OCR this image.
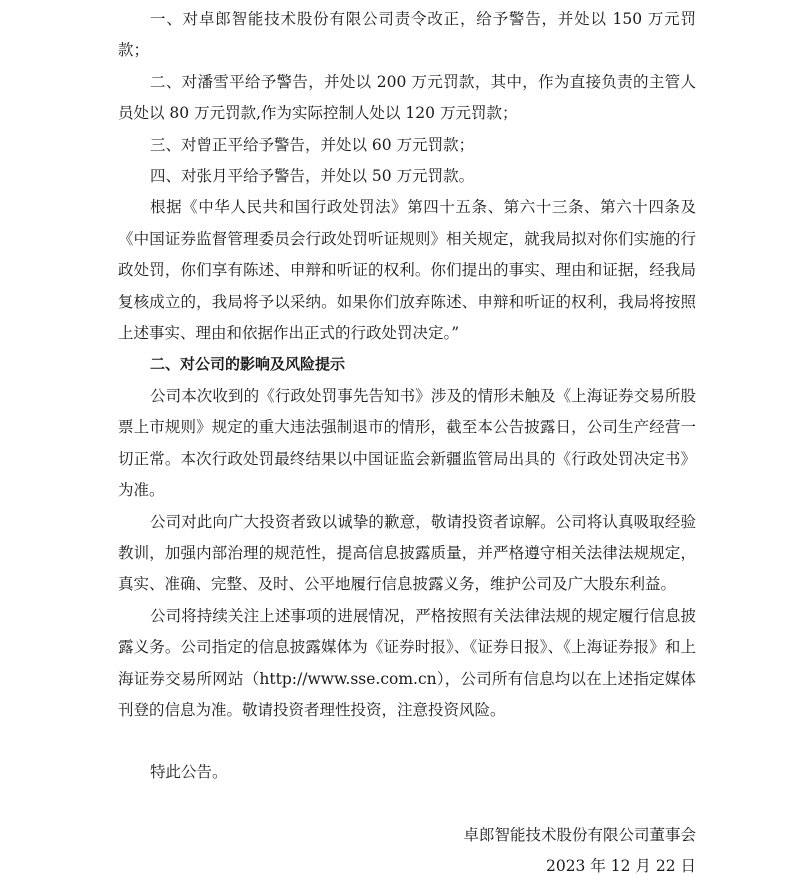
一、对卓郎智能技术股份有限公司责令改正，给予警告，并处以 150 万元罚款；

二、对潘雪平给予警告，并处以 200 万元罚款，其中，作为直接负责的主管人员处以 80 万元罚款,作为实际控制人处以 120 万元罚款；

三、对曾正平给予警告，并处以 60 万元罚款；

四、对张月平给予警告，并处以 50 万元罚款。

根据《中华人民共和国行政处罚法》第四十五条、第六十三条、第六十四条及《中国证券监督管理委员会行政处罚听证规则》相关规定，就我局拟对你们实施的行政处罚，你们享有陈述、申辩和听证的权利。你们提出的事实、理由和证据，经我局复核成立的，我局将予以采纳。如果你们放弃陈述、申辩和听证的权利，我局将按照上述事实、理由和依据作出正式的行政处罚决定。”

二、对公司的影响及风险提示

公司本次收到的《行政处罚事先告知书》涉及的情形未触及《上海证券交易所股票上市规则》规定的重大违法强制退市的情形，截至本公告披露日，公司生产经营一切正常。本次行政处罚最终结果以中国证监会新疆监管局出具的《行政处罚决定书》为准。

公司对此向广大投资者致以诚挚的歉意，敬请投资者谅解。公司将认真吸取经验教训，加强内部治理的规范性，提高信息披露质量，并严格遵守相关法律法规规定，真实、准确、完整、及时、公平地履行信息披露义务，维护公司及广大股东利益。

公司将持续关注上述事项的进展情况，严格按照有关法律法规的规定履行信息披露义务。公司指定的信息披露媒体为《证券时报》、《证券日报》、《上海证券报》和上海证券交易所网站（http://www.sse.com.cn），公司所有信息均以在上述指定媒体刊登的信息为准。敬请投资者理性投资，注意投资风险。

特此公告。

卓郎智能技术股份有限公司董事会

2023 年 12 月 22 日
